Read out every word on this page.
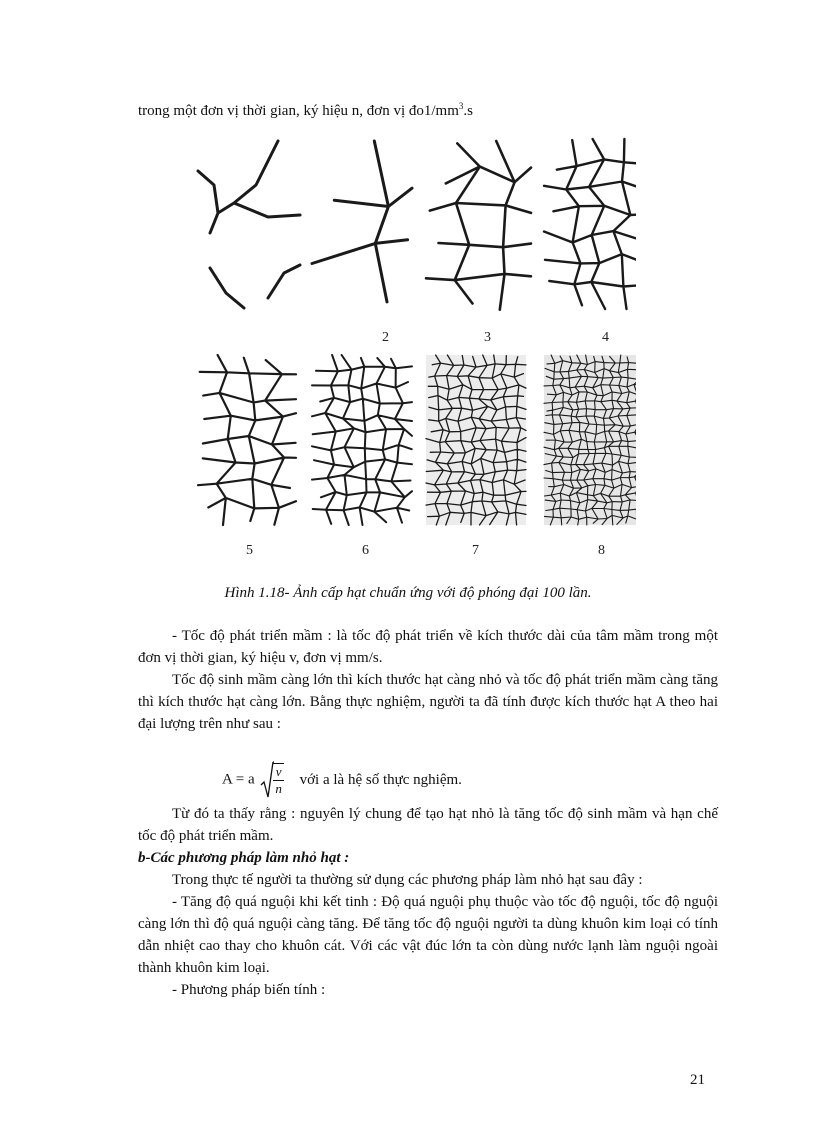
trong một đơn vị thời gian, ký hiệu n, đơn vị $đo1/mm^3.s$

2	3	4
5	6	7	8

Hình 1.18- Ảnh cấp hạt chuẩn ứng với độ phóng đại 100 lần.

- Tốc độ phát triển mầm : là tốc độ phát triển về kích thước dài của tâm mầm trong một đơn vị thời gian, ký hiệu v, đơn vị mm/s.

Tốc độ sinh mầm càng lớn thì kích thước hạt càng nhỏ và tốc độ phát triển mầm càng tăng thì kích thước hạt càng lớn. Bằng thực nghiệm, người ta đã tính được kích thước hạt A theo hai đại lượng trên như sau :

A = a $\frac{v}{n}$ với a là hệ số thực nghiệm.

Từ đó ta thấy rằng : nguyên lý chung để tạo hạt nhỏ là tăng tốc độ sinh mầm và hạn chế tốc độ phát triển mầm.

b-Các phương pháp làm nhỏ hạt :

Trong thực tế người ta thường sử dụng các phương pháp làm nhỏ hạt sau đây :

- Tăng độ quá nguội khi kết tinh : Độ quá nguội phụ thuộc vào tốc độ nguội, tốc độ nguội càng lớn thì độ quá nguội càng tăng. Để tăng tốc độ nguội người ta dùng khuôn kim loại có tính dẫn nhiệt cao thay cho khuôn cát. Với các vật đúc lớn ta còn dùng nước lạnh làm nguội ngoài thành khuôn kim loại.

- Phương pháp biến tính :

21
